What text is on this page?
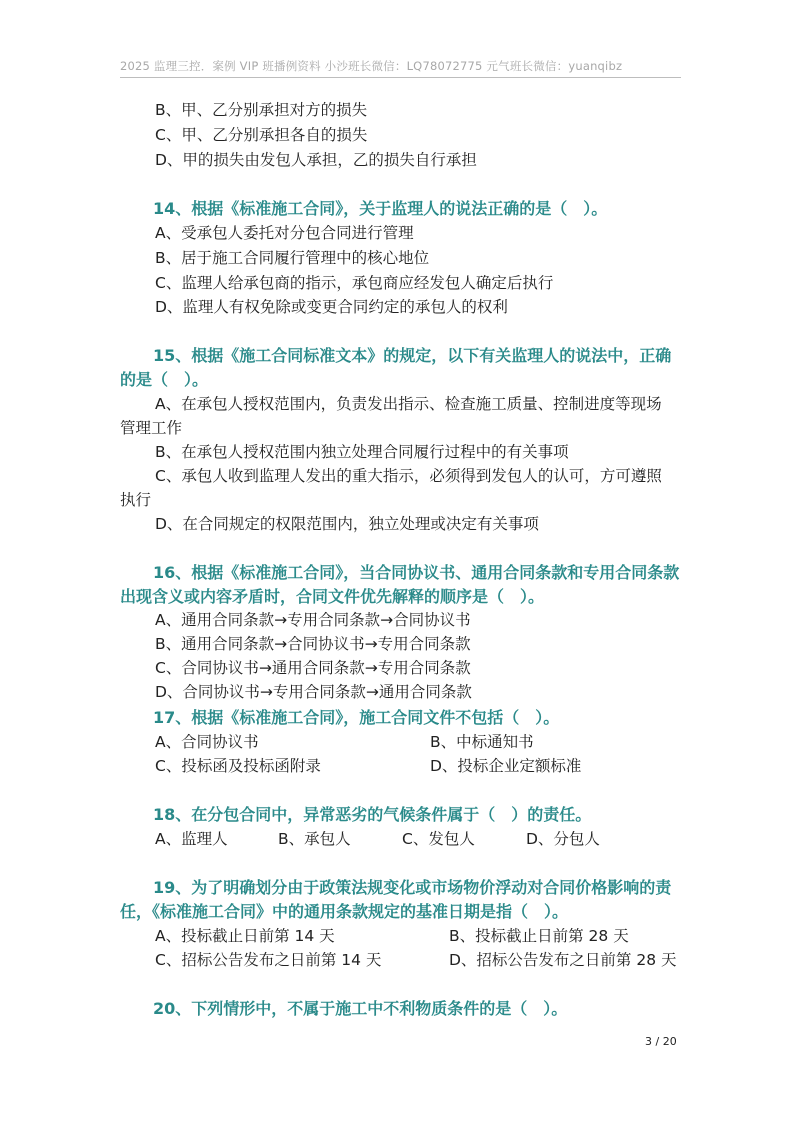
2025 监理三控．案例 VIP 班播例资料 小沙班长微信：LQ78072775 元气班长微信：yuanqibz
B、甲、乙分别承担对方的损失
C、甲、乙分别承担各自的损失
D、甲的损失由发包人承担，乙的损失自行承担
14、根据《标准施工合同》，关于监理人的说法正确的是（　）。
A、受承包人委托对分包合同进行管理
B、居于施工合同履行管理中的核心地位
C、监理人给承包商的指示，承包商应经发包人确定后执行
D、监理人有权免除或变更合同约定的承包人的权利
15、根据《施工合同标准文本》的规定，以下有关监理人的说法中，正确
的是（　）。
A、在承包人授权范围内，负责发出指示、检查施工质量、控制进度等现场
管理工作
B、在承包人授权范围内独立处理合同履行过程中的有关事项
C、承包人收到监理人发出的重大指示，必须得到发包人的认可，方可遵照
执行
D、在合同规定的权限范围内，独立处理或决定有关事项
16、根据《标准施工合同》，当合同协议书、通用合同条款和专用合同条款
出现含义或内容矛盾时，合同文件优先解释的顺序是（　）。
A、通用合同条款→专用合同条款→合同协议书
B、通用合同条款→合同协议书→专用合同条款
C、合同协议书→通用合同条款→专用合同条款
D、合同协议书→专用合同条款→通用合同条款
17、根据《标准施工合同》，施工合同文件不包括（　）。
A、合同协议书	B、中标通知书
C、投标函及投标函附录	D、投标企业定额标准
18、在分包合同中，异常恶劣的气候条件属于（　）的责任。
A、监理人	B、承包人	C、发包人	D、分包人
19、为了明确划分由于政策法规变化或市场物价浮动对合同价格影响的责
任，《标准施工合同》中的通用条款规定的基准日期是指（　）。
A、投标截止日前第 14 天	B、投标截止日前第 28 天
C、招标公告发布之日前第 14 天	D、招标公告发布之日前第 28 天
20、下列情形中，不属于施工中不利物质条件的是（　）。
3 / 20
